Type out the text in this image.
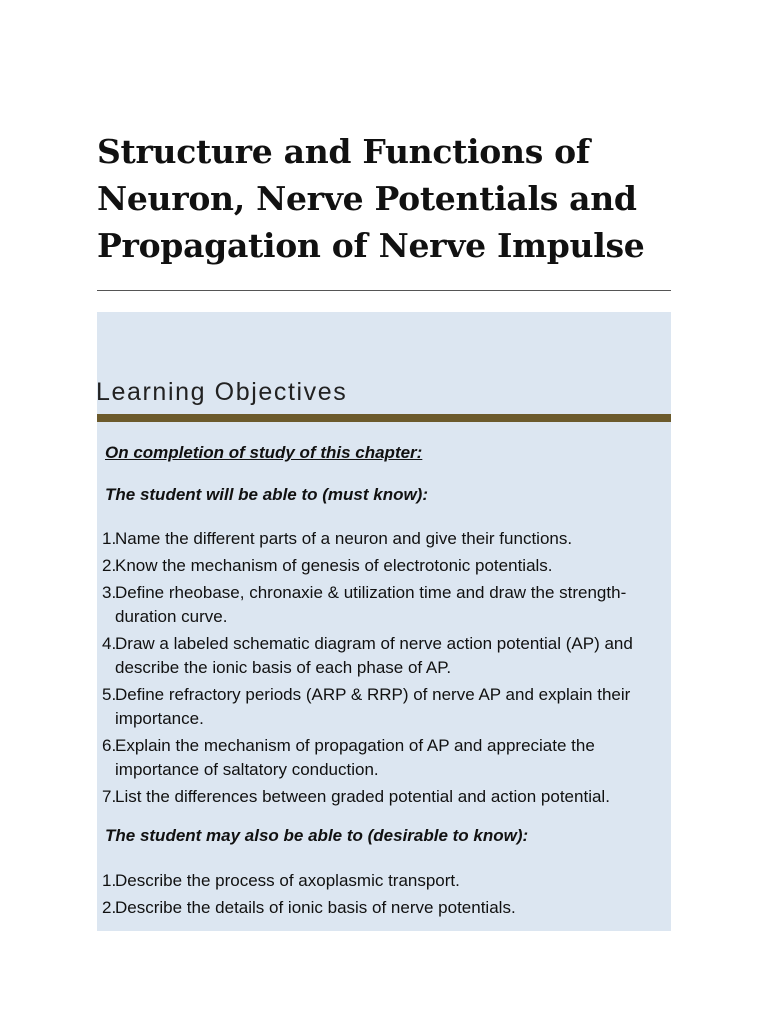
Structure and Functions of Neuron, Nerve Potentials and Propagation of Nerve Impulse
Learning Objectives

On completion of study of this chapter:

The student will be able to (must know):

1.
Name the different parts of a neuron and give their functions.
2.
Know the mechanism of genesis of electrotonic potentials.
3.
Define rheobase, chronaxie & utilization time and draw the strength-duration curve.
4.
Draw a labeled schematic diagram of nerve action potential (AP) and describe the ionic basis of each phase of AP.
5.
Define refractory periods (ARP & RRP) of nerve AP and explain their importance.
6.
Explain the mechanism of propagation of AP and appreciate the importance of saltatory conduction.
7.
List the differences between graded potential and action potential.

The student may also be able to (desirable to know):

1.
Describe the process of axoplasmic transport.
2.
Describe the details of ionic basis of nerve potentials.
